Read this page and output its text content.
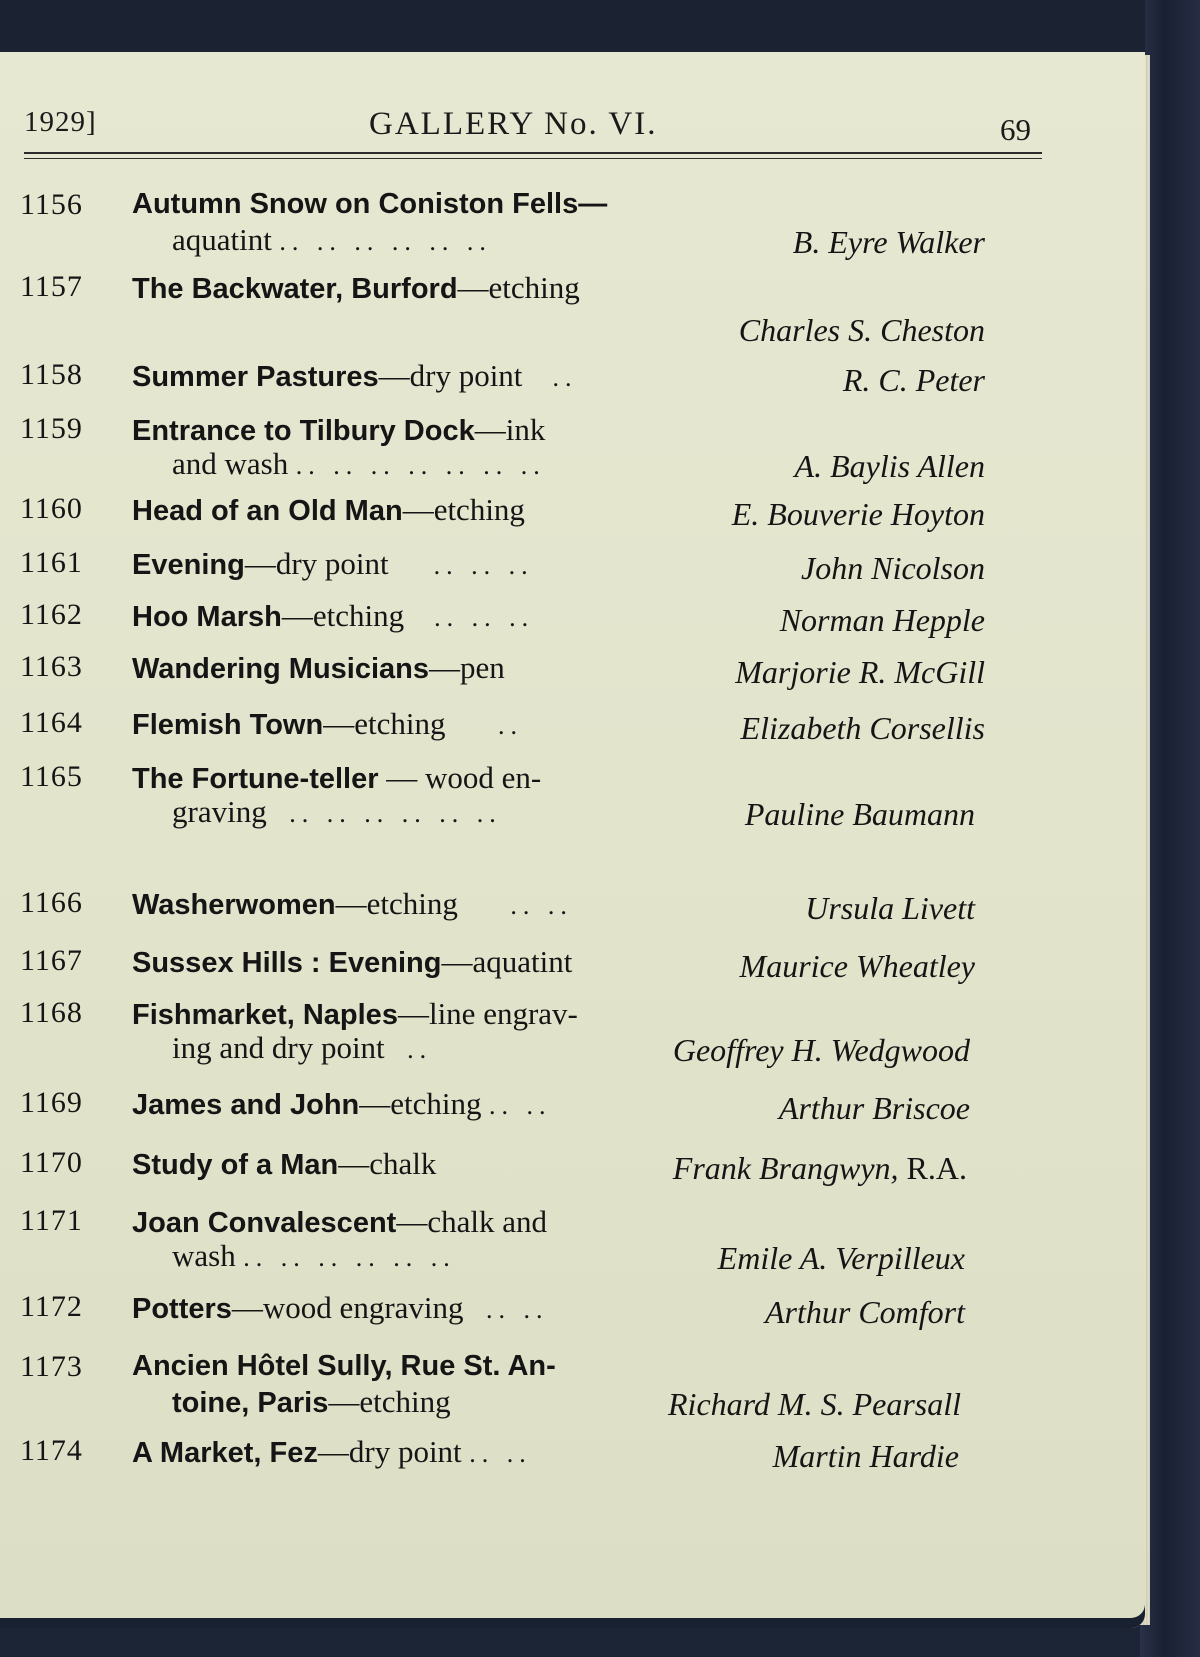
1929]	GALLERY No. VI.	69
1156 Autumn Snow on Coniston Fells—
aquatint .. .. .. .. .. ..	B. Eyre Walker
1157 The Backwater, Burford—etching
Charles S. Cheston
1158 Summer Pastures—dry point ..	R. C. Peter
1159 Entrance to Tilbury Dock—ink
and wash .. .. .. .. .. .. ..	A. Baylis Allen
1160 Head of an Old Man—etching	E. Bouverie Hoyton
1161 Evening—dry point .. .. ..	John Nicolson
1162 Hoo Marsh—etching .. .. ..	Norman Hepple
1163 Wandering Musicians—pen	Marjorie R. McGill
1164 Flemish Town—etching ..	Elizabeth Corsellis
1165 The Fortune-teller — wood en-
graving .. .. .. .. .. ..	Pauline Baumann
1166 Washerwomen—etching .. ..	Ursula Livett
1167 Sussex Hills : Evening—aquatint	Maurice Wheatley
1168 Fishmarket, Naples—line engrav-
ing and dry point ..	Geoffrey H. Wedgwood
1169 James and John—etching .. ..	Arthur Briscoe
1170 Study of a Man—chalk	Frank Brangwyn, R.A.
1171 Joan Convalescent—chalk and
wash .. .. .. .. .. ..	Emile A. Verpilleux
1172 Potters—wood engraving .. ..	Arthur Comfort
1173 Ancien Hôtel Sully, Rue St. An-
toine, Paris—etching	Richard M. S. Pearsall
1174 A Market, Fez—dry point .. ..	Martin Hardie
